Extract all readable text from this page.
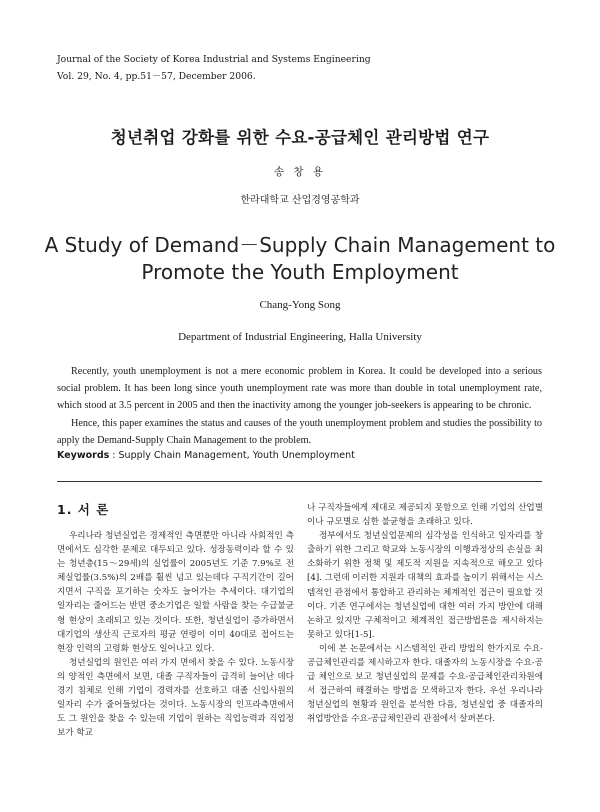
Journal of the Society of Korea Industrial and Systems Engineering
Vol. 29, No. 4, pp.51－57, December 2006.
청년취업 강화를 위한 수요-공급체인 관리방법 연구
송 창 용
한라대학교 산업경영공학과
A Study of Demand－Supply Chain Management to
Promote the Youth Employment
Chang-Yong Song
Department of Industrial Engineering, Halla University

Recently, youth unemployment is not a mere economic problem in Korea. It could be developed into a serious social problem. It has been long since youth unemployment rate was more than double in total unemployment rate, which stood at 3.5 percent in 2005 and then the inactivity among the younger job-seekers is appearing to be chronic.

Hence, this paper examines the status and causes of the youth unemployment problem and studies the possibility to apply the Demand-Supply Chain Management to the problem.

Keywords : Supply Chain Management, Youth Unemployment
1. 서 론

우리나라 청년실업은 경제적인 측면뿐만 아니라 사회적인 측면에서도 심각한 문제로 대두되고 있다. 성장동력이라 할 수 있는 청년층(15～29세)의 실업률이 2005년도 기준 7.9%로 전체실업률(3.5%)의 2배를 훨씬 넘고 있는데다 구직기간이 길어지면서 구직을 포기하는 숫자도 늘어가는 추세이다. 대기업의 일자리는 줄어드는 반면 중소기업은 일할 사람을 찾는 수급불균형 현상이 초래되고 있는 것이다. 또한, 청년실업이 증가하면서 대기업의 생산직 근로자의 평균 연령이 이미 40대로 접어드는 현장 인력의 고령화 현상도 일어나고 있다.

청년실업의 원인은 여러 가지 면에서 찾을 수 있다. 노동시장의 양적인 측면에서 보면, 대졸 구직자들이 급격히 늘어난 데다 경기 침체로 인해 기업이 경력자를 선호하고 대졸 신입사원의 일자리 수가 줄어들었다는 것이다. 노동시장의 인프라측면에서도 그 원인을 찾을 수 있는데 기업이 원하는 직업능력과 직업정보가 학교

나 구직자들에게 제대로 제공되지 못함으로 인해 기업의 산업별이나 규모별로 심한 불균형을 초래하고 있다.

정부에서도 청년실업문제의 심각성을 인식하고 일자리를 창출하기 위한 그리고 학교와 노동시장의 이행과정상의 손실을 최소화하기 위한 정책 및 제도적 지원을 지속적으로 해오고 있다[4]. 그런데 이러한 지원과 대책의 효과를 높이기 위해서는 시스템적인 관점에서 통합하고 관리하는 체계적인 접근이 필요할 것이다. 기존 연구에서는 청년실업에 대한 여러 가지 방안에 대해 논하고 있지만 구체적이고 체계적인 접근방법론을 제시하지는 못하고 있다[1-5].

이에 본 논문에서는 시스템적인 관리 방법의 한가지로 수요-공급체인관리를 제시하고자 한다. 대졸자의 노동시장을 수요-공급 체인으로 보고 청년실업의 문제를 수요-공급체인관리차원에서 접근하여 해결하는 방법을 모색하고자 한다. 우선 우리나라 청년실업의 현황과 원인을 분석한 다음, 청년실업 중 대졸자의 취업방안을 수요-공급체인관리 관점에서 살펴본다.
